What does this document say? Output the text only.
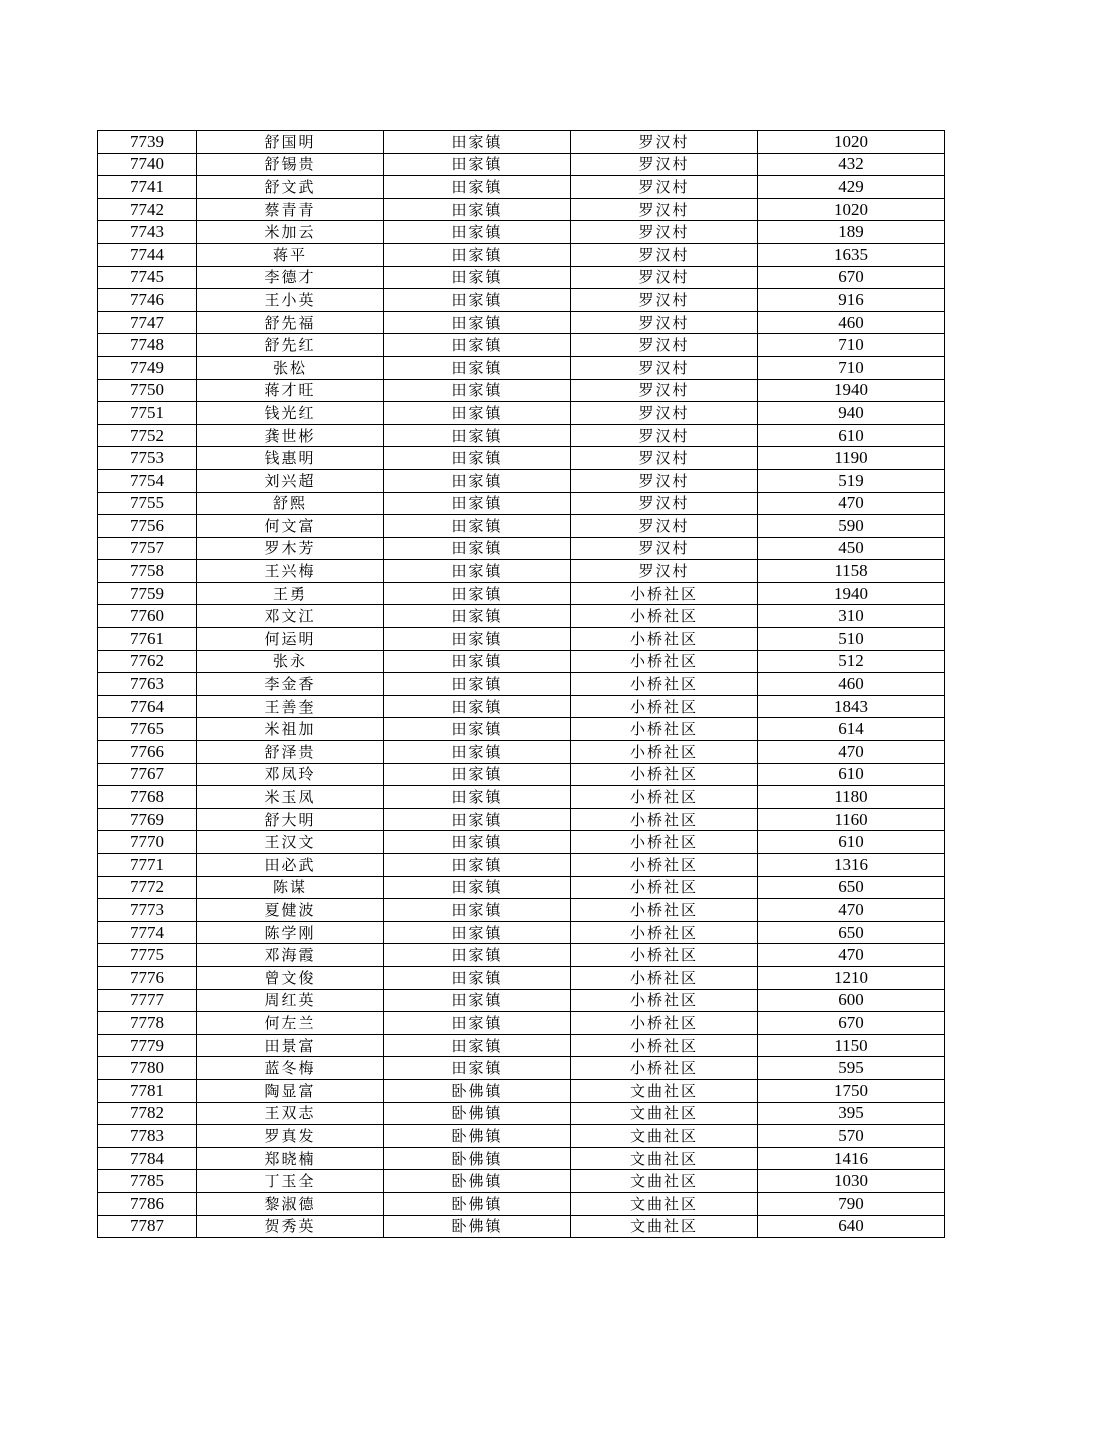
7739	舒国明	田家镇	罗汉村	1020
7740	舒锡贵	田家镇	罗汉村	432
7741	舒文武	田家镇	罗汉村	429
7742	蔡青青	田家镇	罗汉村	1020
7743	米加云	田家镇	罗汉村	189
7744	蒋平	田家镇	罗汉村	1635
7745	李德才	田家镇	罗汉村	670
7746	王小英	田家镇	罗汉村	916
7747	舒先福	田家镇	罗汉村	460
7748	舒先红	田家镇	罗汉村	710
7749	张松	田家镇	罗汉村	710
7750	蒋才旺	田家镇	罗汉村	1940
7751	钱光红	田家镇	罗汉村	940
7752	龚世彬	田家镇	罗汉村	610
7753	钱惠明	田家镇	罗汉村	1190
7754	刘兴超	田家镇	罗汉村	519
7755	舒熙	田家镇	罗汉村	470
7756	何文富	田家镇	罗汉村	590
7757	罗木芳	田家镇	罗汉村	450
7758	王兴梅	田家镇	罗汉村	1158
7759	王勇	田家镇	小桥社区	1940
7760	邓文江	田家镇	小桥社区	310
7761	何运明	田家镇	小桥社区	510
7762	张永	田家镇	小桥社区	512
7763	李金香	田家镇	小桥社区	460
7764	王善奎	田家镇	小桥社区	1843
7765	米祖加	田家镇	小桥社区	614
7766	舒泽贵	田家镇	小桥社区	470
7767	邓凤玲	田家镇	小桥社区	610
7768	米玉凤	田家镇	小桥社区	1180
7769	舒大明	田家镇	小桥社区	1160
7770	王汉文	田家镇	小桥社区	610
7771	田必武	田家镇	小桥社区	1316
7772	陈谋	田家镇	小桥社区	650
7773	夏健波	田家镇	小桥社区	470
7774	陈学刚	田家镇	小桥社区	650
7775	邓海霞	田家镇	小桥社区	470
7776	曾文俊	田家镇	小桥社区	1210
7777	周红英	田家镇	小桥社区	600
7778	何左兰	田家镇	小桥社区	670
7779	田景富	田家镇	小桥社区	1150
7780	蓝冬梅	田家镇	小桥社区	595
7781	陶显富	卧佛镇	文曲社区	1750
7782	王双志	卧佛镇	文曲社区	395
7783	罗真发	卧佛镇	文曲社区	570
7784	郑晓楠	卧佛镇	文曲社区	1416
7785	丁玉全	卧佛镇	文曲社区	1030
7786	黎淑德	卧佛镇	文曲社区	790
7787	贺秀英	卧佛镇	文曲社区	640
